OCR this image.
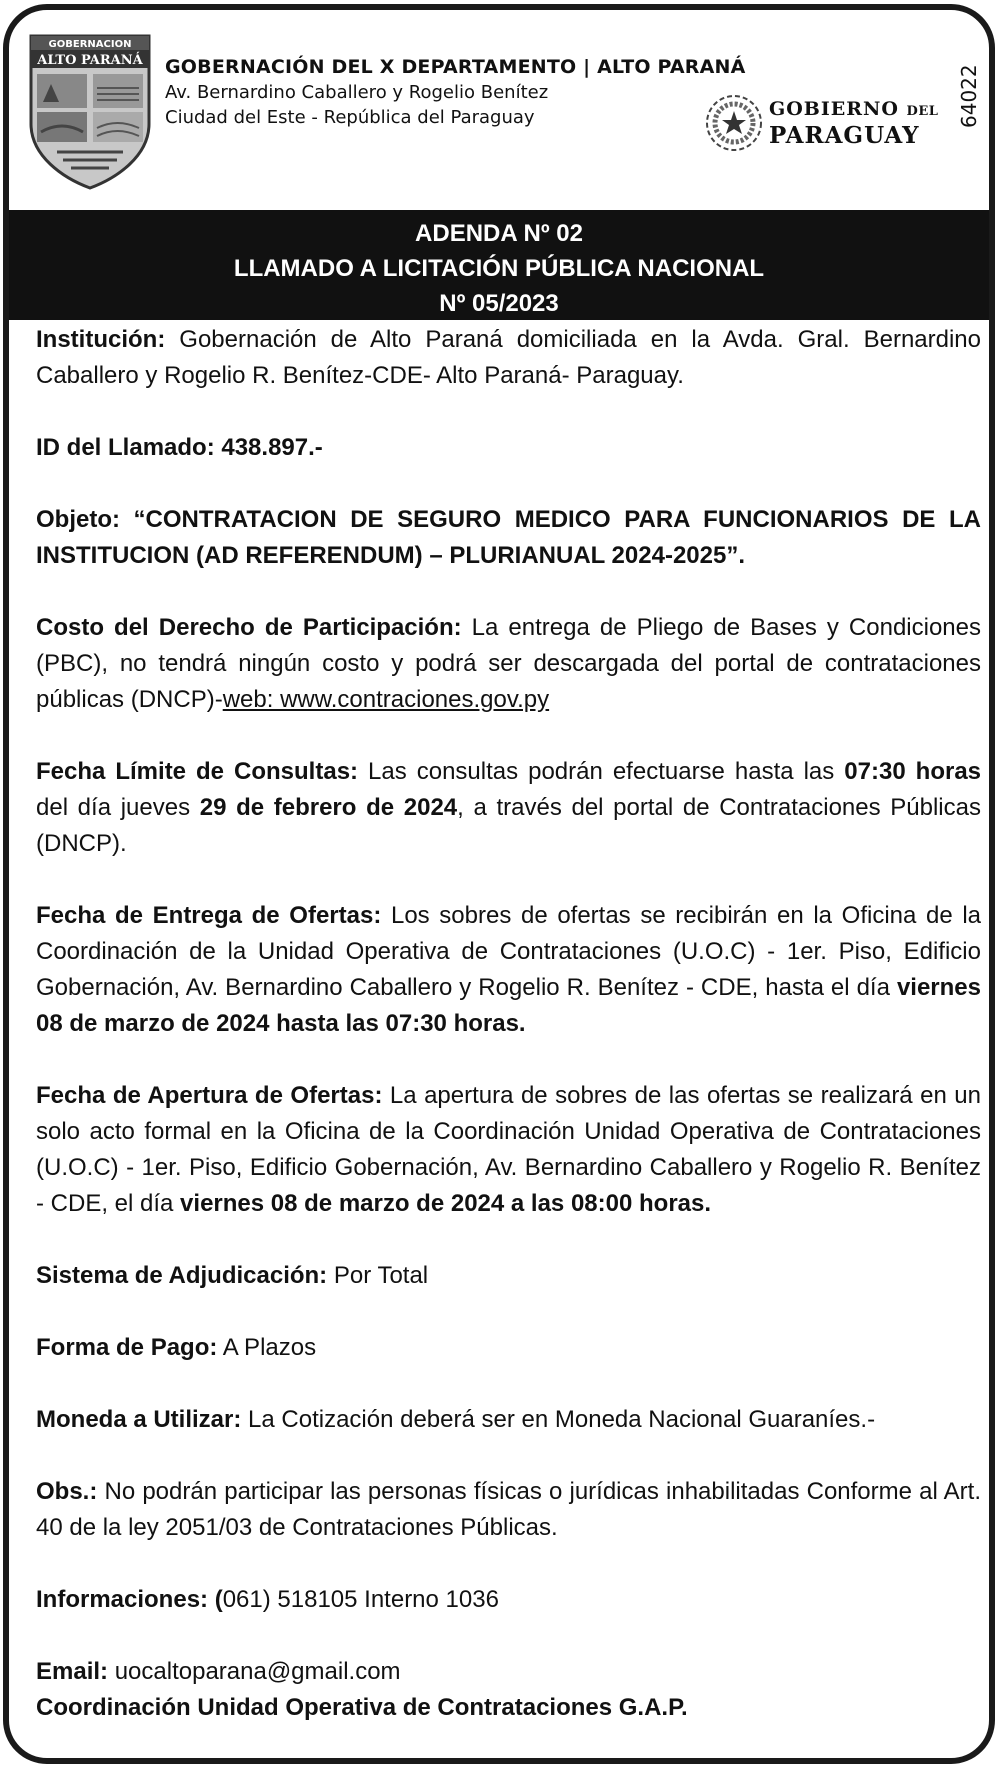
GOBERNACION
ALTO PARANÁ GOBERNACIÓN DEL X DEPARTAMENTO | ALTO PARANÁ
Av. Bernardino Caballero y Rogelio Benítez
Ciudad del Este - República del Paraguay	GOBIERNO DEL
PARAGUAY
64022
ADENDA Nº 02
LLAMADO A LICITACIÓN PÚBLICA NACIONAL
Nº 05/2023

Institución: Gobernación de Alto Paraná domiciliada en la Avda. Gral. Bernardino Caballero y Rogelio R. Benítez-CDE- Alto Paraná- Paraguay.

ID del Llamado: 438.897.-

Objeto: “CONTRATACION DE SEGURO MEDICO PARA FUNCIONARIOS DE LA INSTITUCION (AD REFERENDUM) – PLURIANUAL 2024-2025”.

Costo del Derecho de Participación: La entrega de Pliego de Bases y Condiciones (PBC), no tendrá ningún costo y podrá ser descargada del portal de contrataciones públicas (DNCP)-web: www.contraciones.gov.py

Fecha Límite de Consultas: Las consultas podrán efectuarse hasta las 07:30 horas del día jueves 29 de febrero de 2024, a través del portal de Contrataciones Públicas (DNCP).

Fecha de Entrega de Ofertas: Los sobres de ofertas se recibirán en la Oficina de la Coordinación de la Unidad Operativa de Contrataciones (U.O.C) - 1er. Piso, Edificio Gobernación, Av. Bernardino Caballero y Rogelio R. Benítez - CDE, hasta el día viernes 08 de marzo de 2024 hasta las 07:30 horas.

Fecha de Apertura de Ofertas: La apertura de sobres de las ofertas se realizará en un solo acto formal en la Oficina de la Coordinación Unidad Operativa de Contrataciones (U.O.C) - 1er. Piso, Edificio Gobernación, Av. Bernardino Caballero y Rogelio R. Benítez - CDE, el día viernes 08 de marzo de 2024 a las 08:00 horas.

Sistema de Adjudicación: Por Total

Forma de Pago: A Plazos

Moneda a Utilizar: La Cotización deberá ser en Moneda Nacional Guaraníes.-

Obs.: No podrán participar las personas físicas o jurídicas inhabilitadas Conforme al Art. 40 de la ley 2051/03 de Contrataciones Públicas.

Informaciones: (061) 518105 Interno 1036

Email: uocaltoparana@gmail.com

Coordinación Unidad Operativa de Contrataciones G.A.P.
